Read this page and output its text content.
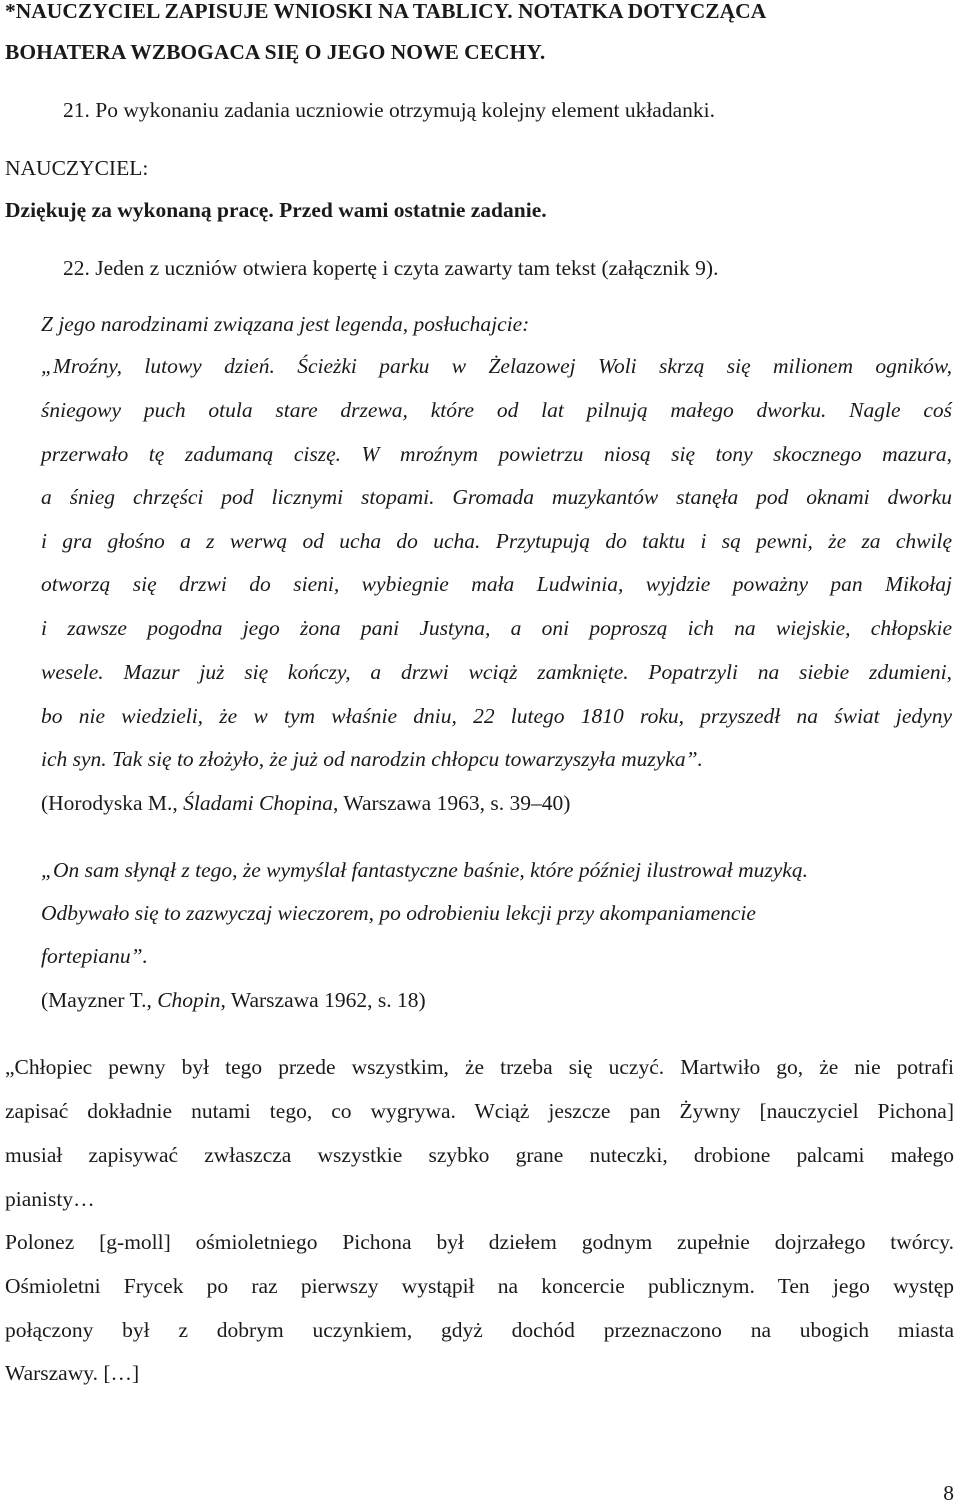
*NAUCZYCIEL ZAPISUJE WNIOSKI NA TABLICY. NOTATKA DOTYCZĄCA

BOHATERA WZBOGACA SIĘ O JEGO NOWE CECHY.

21. Po wykonaniu zadania uczniowie otrzymują kolejny element układanki.

NAUCZYCIEL:

Dziękuję za wykonaną pracę. Przed wami ostatnie zadanie.

22. Jeden z uczniów otwiera kopertę i czyta zawarty tam tekst (załącznik 9).

Z jego narodzinami związana jest legenda, posłuchajcie:

„Mroźny, lutowy dzień. Ścieżki parku w Żelazowej Woli skrzą się milionem ogników,

śniegowy puch otula stare drzewa, które od lat pilnują małego dworku. Nagle coś

przerwało tę zadumaną ciszę. W mroźnym powietrzu niosą się tony skocznego mazura,

a śnieg chrzęści pod licznymi stopami. Gromada muzykantów stanęła pod oknami dworku

i gra głośno a z werwą od ucha do ucha. Przytupują do taktu i są pewni, że za chwilę

otworzą się drzwi do sieni, wybiegnie mała Ludwinia, wyjdzie poważny pan Mikołaj

i zawsze pogodna jego żona pani Justyna, a oni poproszą ich na wiejskie, chłopskie

wesele. Mazur już się kończy, a drzwi wciąż zamknięte. Popatrzyli na siebie zdumieni,

bo nie wiedzieli, że w tym właśnie dniu, 22 lutego 1810 roku, przyszedł na świat jedyny

ich syn. Tak się to złożyło, że już od narodzin chłopcu towarzyszyła muzyka”.

(Horodyska M., Śladami Chopina, Warszawa 1963, s. 39–40)

„On sam słynął z tego, że wymyślał fantastyczne baśnie, które później ilustrował muzyką.

Odbywało się to zazwyczaj wieczorem, po odrobieniu lekcji przy akompaniamencie

fortepianu”.

(Mayzner T., Chopin, Warszawa 1962, s. 18)

„Chłopiec pewny był tego przede wszystkim, że trzeba się uczyć. Martwiło go, że nie potrafi

zapisać dokładnie nutami tego, co wygrywa. Wciąż jeszcze pan Żywny [nauczyciel Pichona]

musiał zapisywać zwłaszcza wszystkie szybko grane nuteczki, drobione palcami małego

pianisty…

Polonez [g-moll] ośmioletniego Pichona był dziełem godnym zupełnie dojrzałego twórcy.

Ośmioletni Frycek po raz pierwszy wystąpił na koncercie publicznym. Ten jego występ

połączony był z dobrym uczynkiem, gdyż dochód przeznaczono na ubogich miasta

Warszawy. […]

8
